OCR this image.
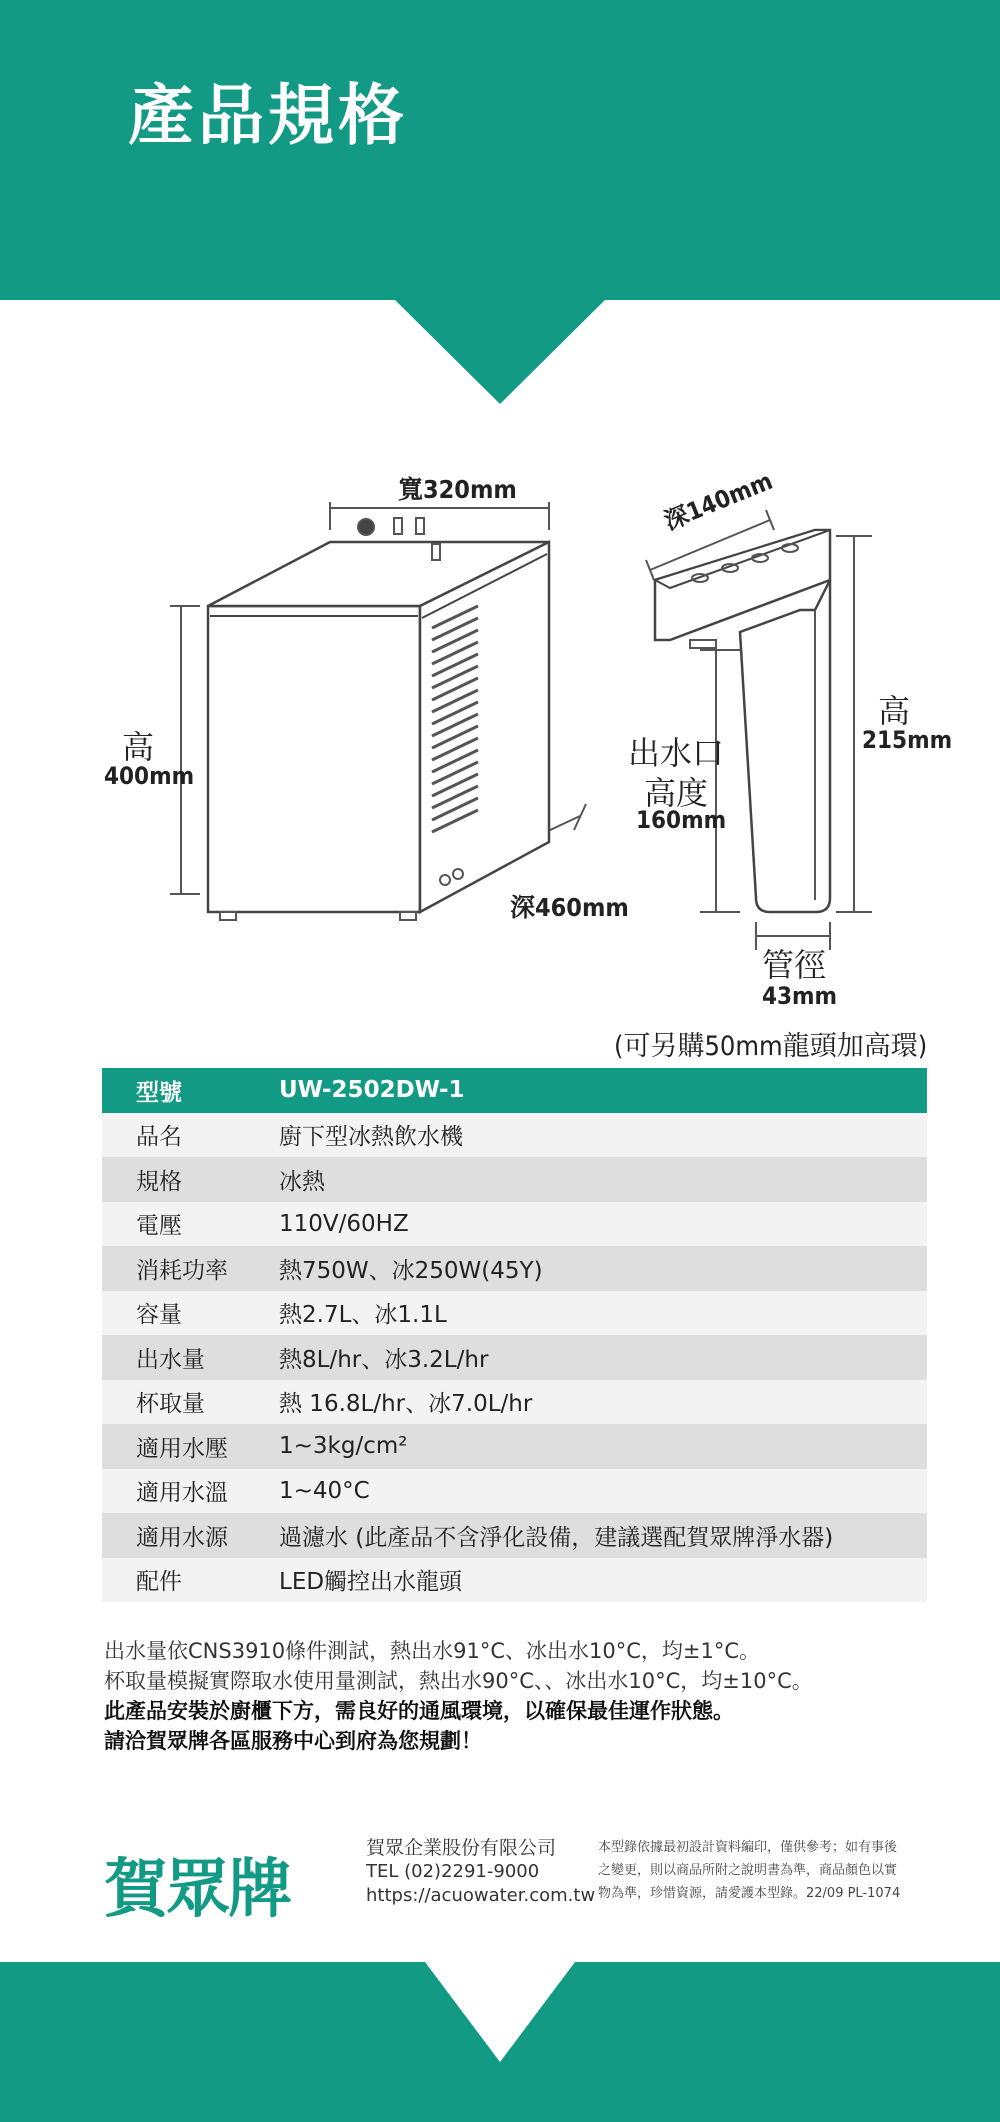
產品規格
寬320mm
高
400mm
深460mm
深140mm
高
215mm
出水口
高度
160mm
管徑
43mm
(可另購50mm龍頭加高環)
型號	UW-2502DW-1
品名	廚下型冰熱飲水機
規格	冰熱
電壓	110V/60HZ
消耗功率	熱750W、冰250W(45Y)
容量	熱2.7L、冰1.1L
出水量	熱8L/hr、冰3.2L/hr
杯取量	熱 16.8L/hr、冰7.0L/hr
適用水壓	1~3kg/cm²
適用水溫	1~40°C
適用水源	過濾水 (此產品不含淨化設備，建議選配賀眾牌淨水器)
配件	LED觸控出水龍頭
出水量依CNS3910條件測試，熱出水91°C、冰出水10°C，均±1°C。
杯取量模擬實際取水使用量測試，熱出水90°C、、冰出水10°C，均±10°C。
此產品安裝於廚櫃下方，需良好的通風環境，以確保最佳運作狀態。
請洽賀眾牌各區服務中心到府為您規劃！
賀眾牌
賀眾企業股份有限公司
TEL (02)2291-9000
https://acuowater.com.tw
本型錄依據最初設計資料編印，僅供參考；如有事後
之變更，則以商品所附之說明書為準，商品顏色以實
物為準，珍惜資源，請愛護本型錄。22/09 PL-1074
